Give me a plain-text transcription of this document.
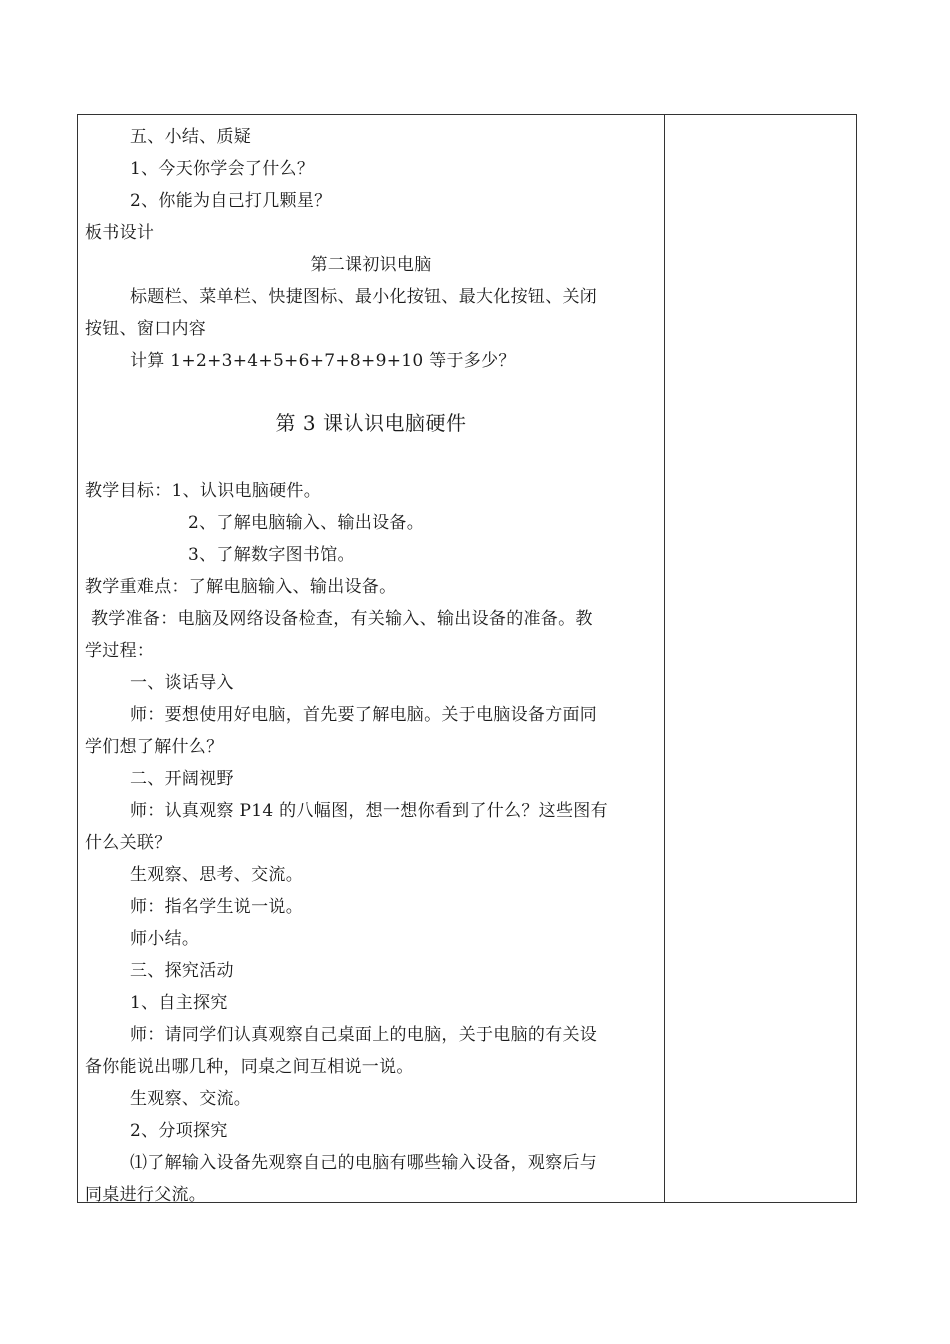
五、小结、质疑
1、今天你学会了什么？
2、你能为自己打几颗星？
板书设计
第二课初识电脑
标题栏、菜单栏、快捷图标、最小化按钮、最大化按钮、关闭
按钮、窗口内容
计算 1+2+3+4+5+6+7+8+9+10 等于多少？
第 3 课认识电脑硬件
教学目标：1、认识电脑硬件。
2、了解电脑输入、输出设备。
3、了解数字图书馆。
教学重难点：了解电脑输入、输出设备。
教学准备：电脑及网络设备检查，有关输入、输出设备的准备。教
学过程：
一、谈话导入
师：要想使用好电脑，首先要了解电脑。关于电脑设备方面同
学们想了解什么？
二、开阔视野
师：认真观察 P14 的八幅图，想一想你看到了什么？这些图有
什么关联？
生观察、思考、交流。
师：指名学生说一说。
师小结。
三、探究活动
1、自主探究
师：请同学们认真观察自己桌面上的电脑，关于电脑的有关设
备你能说出哪几种，同桌之间互相说一说。
生观察、交流。
2、分项探究
⑴了解输入设备先观察自己的电脑有哪些输入设备，观察后与
同桌进行父流。
